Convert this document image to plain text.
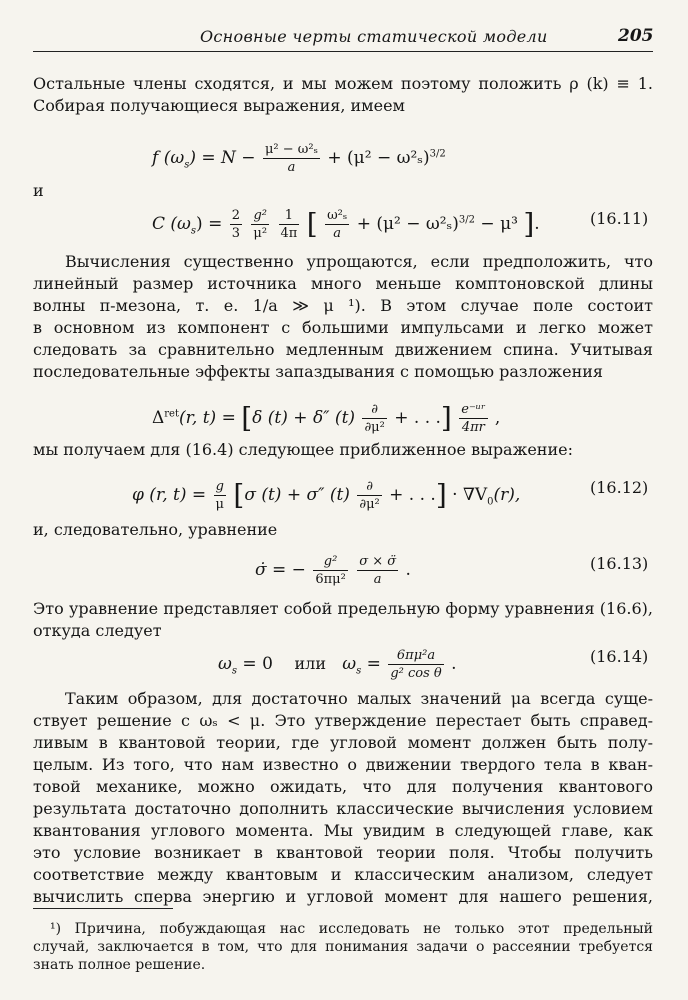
Основные черты статической модели	205
Остальные члены сходятся, и мы можем поэтому положить ρ (k) ≡ 1.
Собирая получающиеся выражения, имеем
f $(\omega_s) = N - \frac{\text{μ² − ω²ₛ}}{a} + (\mu^2 - \omega^2_s)^{3/2}$
и
C $(\omega_s) = \frac{2}{3}$
$\frac{\text{g²}}{\text{μ²}}$
$\frac{1}{4\pi}$ [ $\frac{\text{ω²ₛ}}{a} + (\mu^2 - \omega^2_s)^{3/2} - \mu^3$ ].	(16.11)
Вычисления существенно упрощаются, если предположить, что
линейный размер источника много меньше комптоновской длины
волны π-мезона, т. е. 1/a ≫ μ ¹). В этом случае поле состоит
в основном из компонент с большими импульсами и легко может
следовать за сравнительно медленным движением спина. Учитывая
последовательные эффекты запаздывания с помощью разложения
$\Delta^{ret}(r$, t) = [δ (t) + δ″ $(t) \frac{\partial}{\text{∂μ²}}$ + . . .] $\frac{\text{e⁻ᵘʳ}}{4\pi r}$ ,
мы получаем для (16.4) следующее приближенное выражение:
φ (r, $t) = \frac{g}{\mu} [\sigma$ (t) + σ″ $(t) \frac{\partial}{\text{∂μ²}}$ + . . .] · $\nabla V_0(r)$,	(16.12)
и, следовательно, уравнение
σ̇ = − $\frac{\text{g²}}{\text{6πμ²}}$
$\frac{\sigma \times \sigmä}{a}$ .	(16.13)
Это уравнение представляет собой предельную форму уравнения (16.6),
откуда следует
$\omega_s = 0$ или $\omega_s = \frac{\text{6πμ²a}}{\text{g² cos θ}}$ .	(16.14)
Таким образом, для достаточно малых значений μa всегда суще-
ствует решение с ωₛ < μ. Это утверждение перестает быть справед-
ливым в квантовой теории, где угловой момент должен быть полу-
целым. Из того, что нам известно о движении твердого тела в кван-
товой механике, можно ожидать, что для получения квантового
результата достаточно дополнить классические вычисления условием
квантования углового момента. Мы увидим в следующей главе, как
это условие возникает в квантовой теории поля. Чтобы получить
соответствие между квантовым и классическим анализом, следует
вычислить сперва энергию и угловой момент для нашего решения,
¹) Причина, побуждающая нас исследовать не только этот предельный
случай, заключается в том, что для понимания задачи о рассеянии требуется
знать полное решение.
